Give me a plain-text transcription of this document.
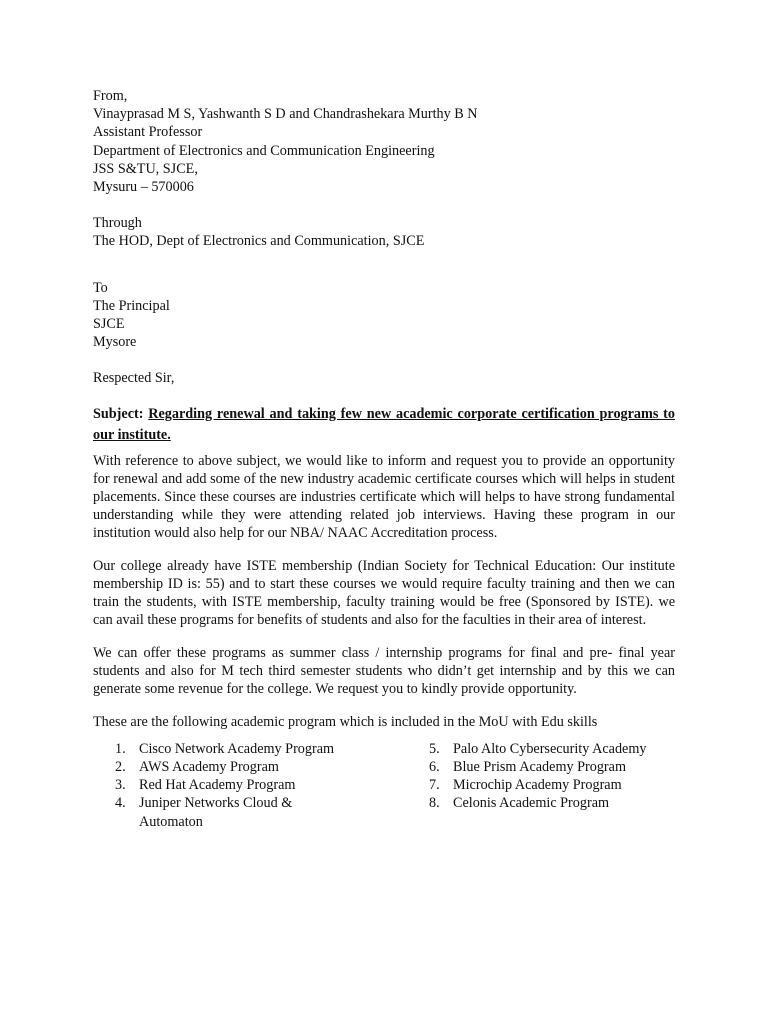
From,
Vinayprasad M S, Yashwanth S D and Chandrashekara Murthy B N
Assistant Professor
Department of Electronics and Communication Engineering
JSS S&TU, SJCE,
Mysuru – 570006
Through
The HOD, Dept of Electronics and Communication, SJCE
To
The Principal
SJCE
Mysore
Respected Sir,
Subject: Regarding renewal and taking few new academic corporate certification programs to our institute.

With reference to above subject, we would like to inform and request you to provide an opportunity for renewal and add some of the new industry academic certificate courses which will helps in student placements. Since these courses are industries certificate which will helps to have strong fundamental understanding while they were attending related job interviews. Having these program in our institution would also help for our NBA/ NAAC Accreditation process.

Our college already have ISTE membership (Indian Society for Technical Education: Our institute membership ID is: 55) and to start these courses we would require faculty training and then we can train the students, with ISTE membership, faculty training would be free (Sponsored by ISTE). we can avail these programs for benefits of students and also for the faculties in their area of interest.

We can offer these programs as summer class / internship programs for final and pre- final year students and also for M tech third semester students who didn’t get internship and by this we can generate some revenue for the college. We request you to kindly provide opportunity.

These are the following academic program which is included in the MoU with Edu skills
1. Cisco Network Academy Program
2. AWS Academy Program
3. Red Hat Academy Program
4. Juniper Networks Cloud & Automaton
5. Palo Alto Cybersecurity Academy
6. Blue Prism Academy Program
7. Microchip Academy Program
8. Celonis Academic Program
